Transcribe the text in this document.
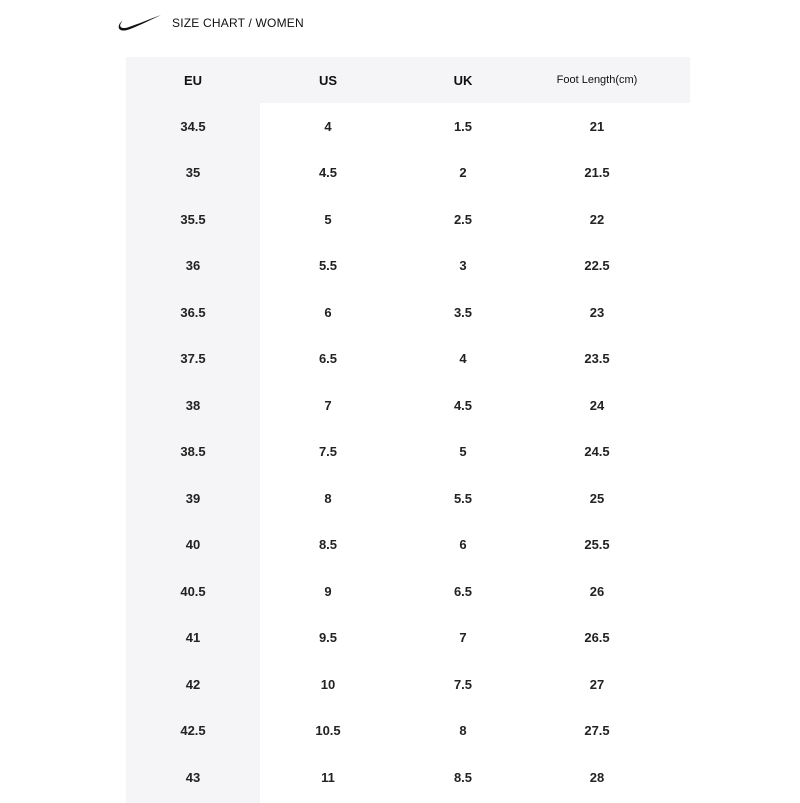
SIZE CHART / WOMEN
EU	US	UK	Foot Length(cm)
34.5	4	1.5	21
35	4.5	2	21.5
35.5	5	2.5	22
36	5.5	3	22.5
36.5	6	3.5	23
37.5	6.5	4	23.5
38	7	4.5	24
38.5	7.5	5	24.5
39	8	5.5	25
40	8.5	6	25.5
40.5	9	6.5	26
41	9.5	7	26.5
42	10	7.5	27
42.5	10.5	8	27.5
43	11	8.5	28
